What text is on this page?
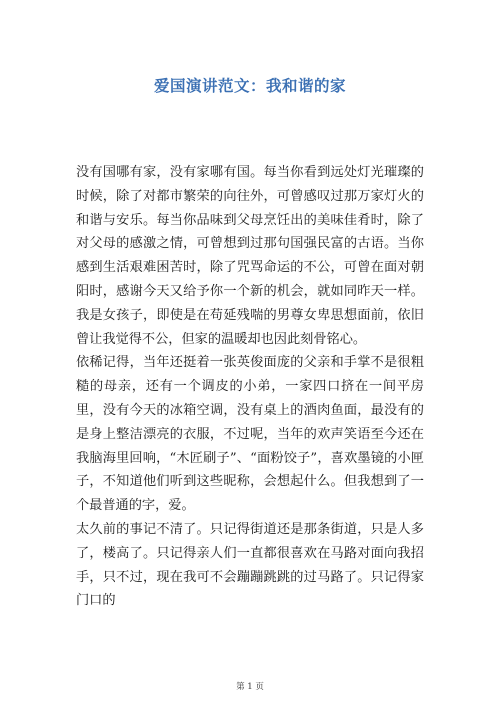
爱国演讲范文：我和谐的家

没有国哪有家，没有家哪有国。每当你看到远处灯光璀璨的时候，除了对都市繁荣的向往外，可曾感叹过那万家灯火的和谐与安乐。每当你品味到父母烹饪出的美味佳肴时，除了对父母的感激之情，可曾想到过那句国强民富的古语。当你感到生活艰难困苦时，除了咒骂命运的不公，可曾在面对朝阳时，感谢今天又给予你一个新的机会，就如同昨天一样。我是女孩子，即使是在苟延残喘的男尊女卑思想面前，依旧曾让我觉得不公，但家的温暖却也因此刻骨铭心。

依稀记得，当年还挺着一张英俊面庞的父亲和手掌不是很粗糙的母亲，还有一个调皮的小弟，一家四口挤在一间平房里，没有今天的冰箱空调，没有桌上的酒肉鱼面，最没有的是身上整洁漂亮的衣服，不过呢，当年的欢声笑语至今还在我脑海里回响，“木匠刷子”、“面粉饺子”，喜欢墨镜的小匣子，不知道他们听到这些昵称，会想起什么。但我想到了一个最普通的字，爱。

太久前的事记不清了。只记得街道还是那条街道，只是人多了，楼高了。只记得亲人们一直都很喜欢在马路对面向我招手，只不过，现在我可不会蹦蹦跳跳的过马路了。只记得家门口的

第 1 页
